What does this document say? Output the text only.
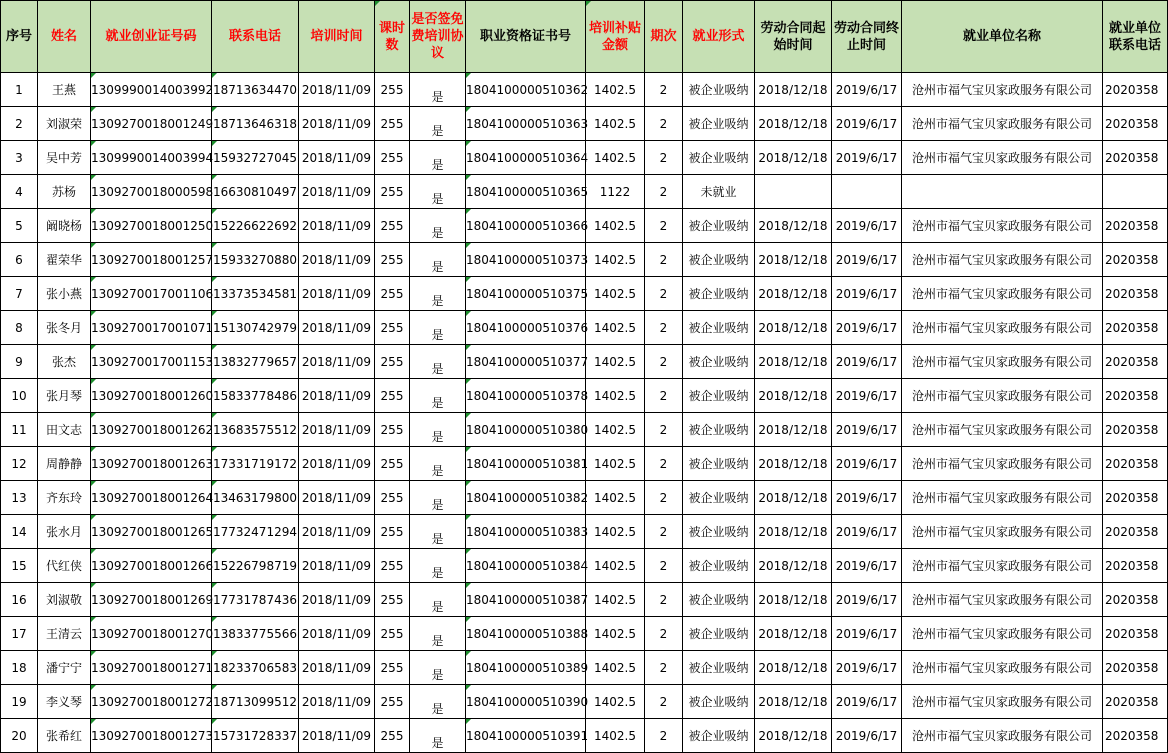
序号	姓名	就业创业证号码	联系电话	培训时间	课时数	是否签免费培训协议	职业资格证书号	培训补贴金额	期次	就业形式	劳动合同起始时间	劳动合同终止时间	就业单位名称	就业单位联系电话
1	王燕	1309990014003992	18713634470	2018/11/09	255	是	1804100000510362	1402.5	2	被企业吸纳	2018/12/18	2019/6/17	沧州市福气宝贝家政服务有限公司	2020358
2	刘淑荣	1309270018001249	18713646318	2018/11/09	255	是	1804100000510363	1402.5	2	被企业吸纳	2018/12/18	2019/6/17	沧州市福气宝贝家政服务有限公司	2020358
3	吴中芳	1309990014003994	15932727045	2018/11/09	255	是	1804100000510364	1402.5	2	被企业吸纳	2018/12/18	2019/6/17	沧州市福气宝贝家政服务有限公司	2020358
4	苏杨	1309270018000598	16630810497	2018/11/09	255	是	1804100000510365	1122	2	未就业				
5	阚晓杨	1309270018001250	15226622692	2018/11/09	255	是	1804100000510366	1402.5	2	被企业吸纳	2018/12/18	2019/6/17	沧州市福气宝贝家政服务有限公司	2020358
6	翟荣华	1309270018001257	15933270880	2018/11/09	255	是	1804100000510373	1402.5	2	被企业吸纳	2018/12/18	2019/6/17	沧州市福气宝贝家政服务有限公司	2020358
7	张小燕	1309270017001106	13373534581	2018/11/09	255	是	1804100000510375	1402.5	2	被企业吸纳	2018/12/18	2019/6/17	沧州市福气宝贝家政服务有限公司	2020358
8	张冬月	1309270017001071	15130742979	2018/11/09	255	是	1804100000510376	1402.5	2	被企业吸纳	2018/12/18	2019/6/17	沧州市福气宝贝家政服务有限公司	2020358
9	张杰	1309270017001153	13832779657	2018/11/09	255	是	1804100000510377	1402.5	2	被企业吸纳	2018/12/18	2019/6/17	沧州市福气宝贝家政服务有限公司	2020358
10	张月琴	1309270018001260	15833778486	2018/11/09	255	是	1804100000510378	1402.5	2	被企业吸纳	2018/12/18	2019/6/17	沧州市福气宝贝家政服务有限公司	2020358
11	田文志	1309270018001262	13683575512	2018/11/09	255	是	1804100000510380	1402.5	2	被企业吸纳	2018/12/18	2019/6/17	沧州市福气宝贝家政服务有限公司	2020358
12	周静静	1309270018001263	17331719172	2018/11/09	255	是	1804100000510381	1402.5	2	被企业吸纳	2018/12/18	2019/6/17	沧州市福气宝贝家政服务有限公司	2020358
13	齐东玲	1309270018001264	13463179800	2018/11/09	255	是	1804100000510382	1402.5	2	被企业吸纳	2018/12/18	2019/6/17	沧州市福气宝贝家政服务有限公司	2020358
14	张水月	1309270018001265	17732471294	2018/11/09	255	是	1804100000510383	1402.5	2	被企业吸纳	2018/12/18	2019/6/17	沧州市福气宝贝家政服务有限公司	2020358
15	代红侠	1309270018001266	15226798719	2018/11/09	255	是	1804100000510384	1402.5	2	被企业吸纳	2018/12/18	2019/6/17	沧州市福气宝贝家政服务有限公司	2020358
16	刘淑敬	1309270018001269	17731787436	2018/11/09	255	是	1804100000510387	1402.5	2	被企业吸纳	2018/12/18	2019/6/17	沧州市福气宝贝家政服务有限公司	2020358
17	王清云	1309270018001270	13833775566	2018/11/09	255	是	1804100000510388	1402.5	2	被企业吸纳	2018/12/18	2019/6/17	沧州市福气宝贝家政服务有限公司	2020358
18	潘宁宁	1309270018001271	18233706583	2018/11/09	255	是	1804100000510389	1402.5	2	被企业吸纳	2018/12/18	2019/6/17	沧州市福气宝贝家政服务有限公司	2020358
19	李义琴	1309270018001272	18713099512	2018/11/09	255	是	1804100000510390	1402.5	2	被企业吸纳	2018/12/18	2019/6/17	沧州市福气宝贝家政服务有限公司	2020358
20	张希红	1309270018001273	15731728337	2018/11/09	255	是	1804100000510391	1402.5	2	被企业吸纳	2018/12/18	2019/6/17	沧州市福气宝贝家政服务有限公司	2020358
